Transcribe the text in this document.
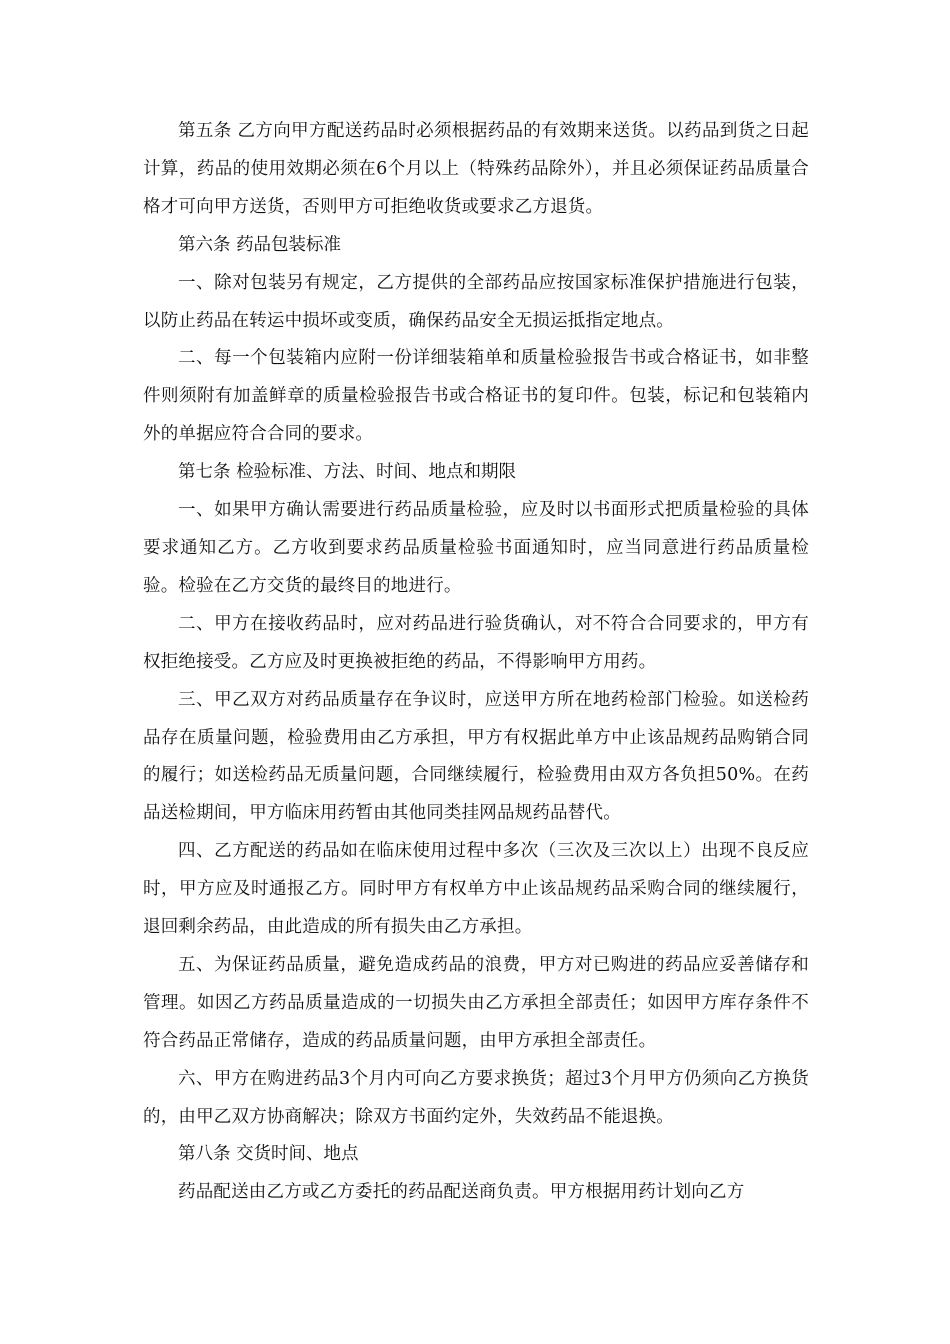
第五条 乙方向甲方配送药品时必须根据药品的有效期来送货。以药品到货之日起计算，药品的使用效期必须在6个月以上（特殊药品除外），并且必须保证药品质量合格才可向甲方送货，否则甲方可拒绝收货或要求乙方退货。

第六条 药品包装标准

一、除对包装另有规定，乙方提供的全部药品应按国家标准保护措施进行包装，以防止药品在转运中损坏或变质，确保药品安全无损运抵指定地点。

二、每一个包装箱内应附一份详细装箱单和质量检验报告书或合格证书，如非整件则须附有加盖鲜章的质量检验报告书或合格证书的复印件。包装，标记和包装箱内外的单据应符合合同的要求。

第七条 检验标准、方法、时间、地点和期限

一、如果甲方确认需要进行药品质量检验，应及时以书面形式把质量检验的具体要求通知乙方。乙方收到要求药品质量检验书面通知时，应当同意进行药品质量检验。检验在乙方交货的最终目的地进行。

二、甲方在接收药品时，应对药品进行验货确认，对不符合合同要求的，甲方有权拒绝接受。乙方应及时更换被拒绝的药品，不得影响甲方用药。

三、甲乙双方对药品质量存在争议时，应送甲方所在地药检部门检验。如送检药品存在质量问题，检验费用由乙方承担，甲方有权据此单方中止该品规药品购销合同的履行；如送检药品无质量问题，合同继续履行，检验费用由双方各负担50%。在药品送检期间，甲方临床用药暂由其他同类挂网品规药品替代。

四、乙方配送的药品如在临床使用过程中多次（三次及三次以上）出现不良反应时，甲方应及时通报乙方。同时甲方有权单方中止该品规药品采购合同的继续履行，退回剩余药品，由此造成的所有损失由乙方承担。

五、为保证药品质量，避免造成药品的浪费，甲方对已购进的药品应妥善储存和管理。如因乙方药品质量造成的一切损失由乙方承担全部责任；如因甲方库存条件不符合药品正常储存，造成的药品质量问题，由甲方承担全部责任。

六、甲方在购进药品3个月内可向乙方要求换货；超过3个月甲方仍须向乙方换货的，由甲乙双方协商解决；除双方书面约定外，失效药品不能退换。

第八条 交货时间、地点

药品配送由乙方或乙方委托的药品配送商负责。甲方根据用药计划向乙方
